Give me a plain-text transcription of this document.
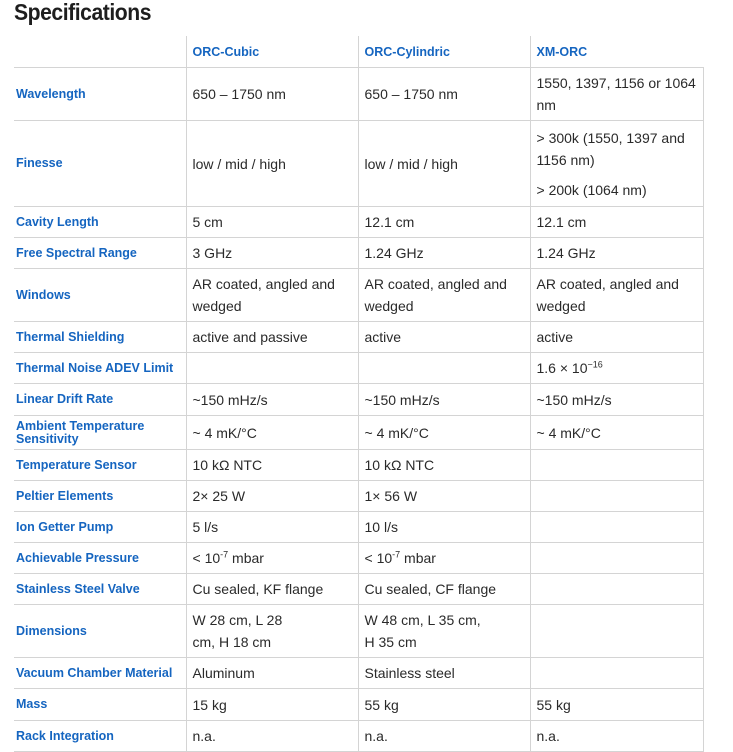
Specifications
	ORC-Cubic	ORC-Cylindric	XM-ORC
Wavelength	650 – 1750 nm	650 – 1750 nm	1550, 1397, 1156 or 1064 nm
Finesse	low / mid / high	low / mid / high	> 300k (1550, 1397 and 1156 nm)
> 200k (1064 nm)

Cavity Length	5 cm	12.1 cm	12.1 cm
Free Spectral Range	3 GHz	1.24 GHz	1.24 GHz
Windows	AR coated, angled and wedged	AR coated, angled and wedged	AR coated, angled and wedged
Thermal Shielding	active and passive	active	active
Thermal Noise ADEV Limit			$1.6 \times 10^{-16}$
Linear Drift Rate	~150 mHz/s	~150 mHz/s	~150 mHz/s
Ambient Temperature Sensitivity	~ 4 mK/°C	~ 4 mK/°C	~ 4 mK/°C
Temperature Sensor	10 kΩ NTC	10 kΩ NTC	
Peltier Elements	2× 25 W	1× 56 W	
Ion Getter Pump	5 l/s	10 l/s	
Achievable Pressure	< $10^{-7}$ mbar	< $10^{-7}$ mbar	
Stainless Steel Valve	Cu sealed, KF flange	Cu sealed, CF flange	
Dimensions	W 28 cm, L 28 cm, H 18 cm	W 48 cm, L 35 cm, H 35 cm	
Vacuum Chamber Material	Aluminum	Stainless steel	
Mass	15 kg	55 kg	55 kg
Rack Integration	n.a.	n.a.	n.a.
